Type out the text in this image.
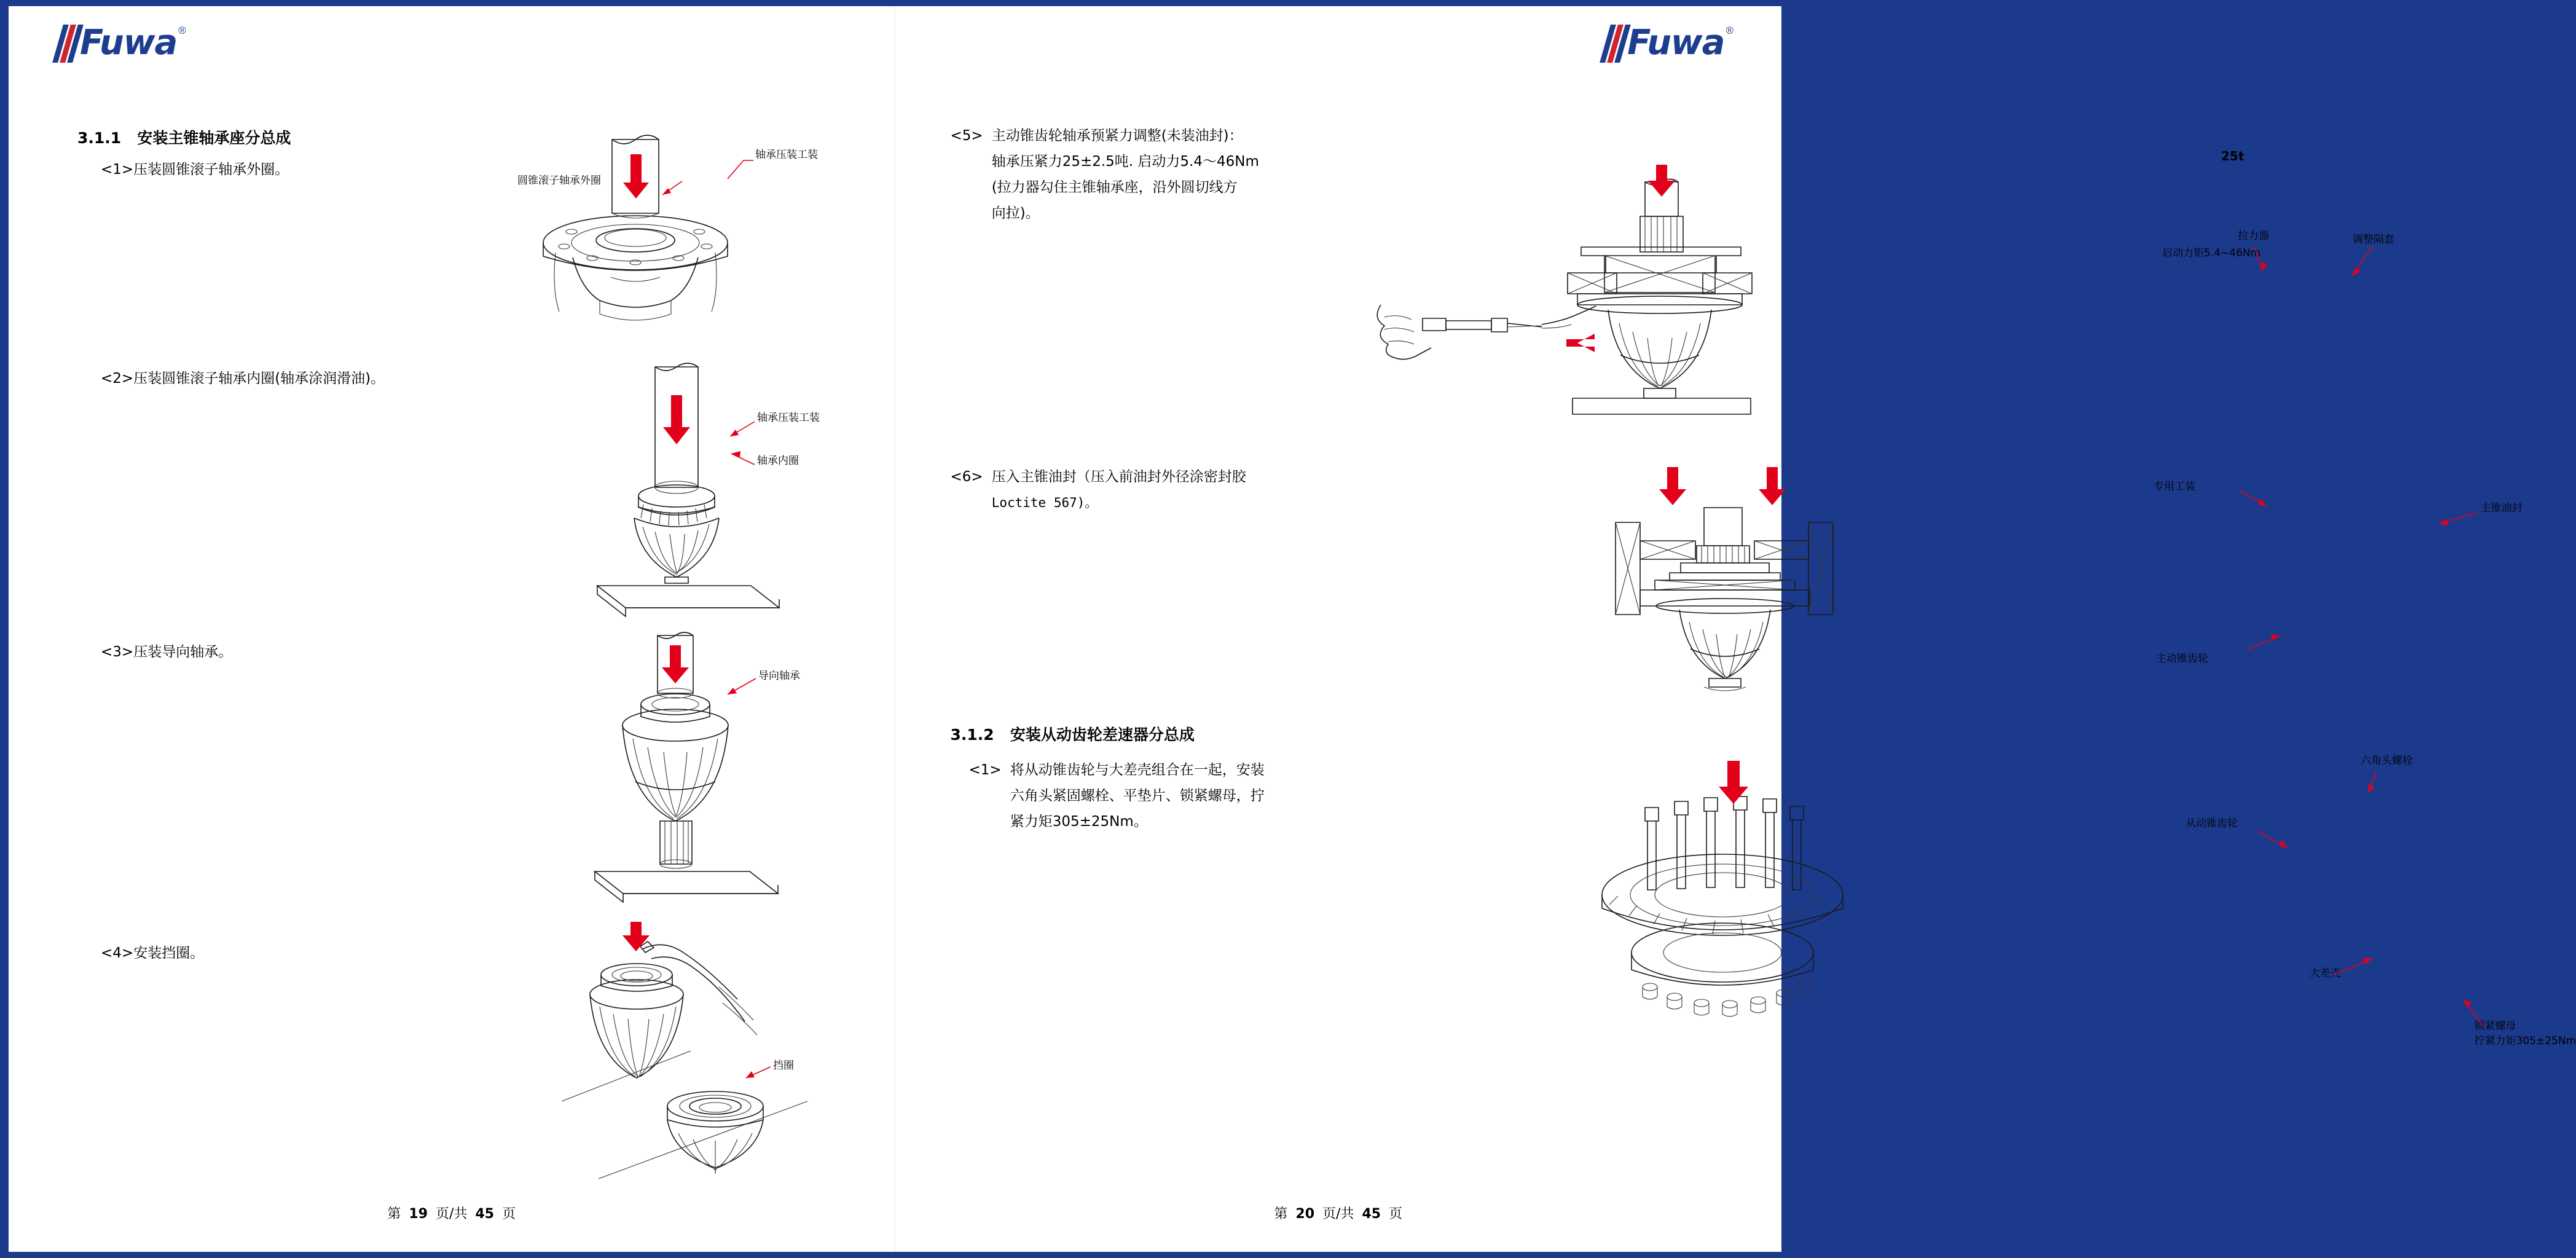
Fuwa ®
3.1.1 安装主锥轴承座分总成
<1>压装圆锥滚子轴承外圈。
轴承压装工装
圆锥滚子轴承外圈
<2>压装圆锥滚子轴承内圈(轴承涂润滑油)。
轴承压装工装
轴承内圈
<3>压装导向轴承。
导向轴承
<4>安装挡圈。
挡圈
第 19 页/共 45 页
Fuwa ®
<5> 主动锥齿轮轴承预紧力调整(未装油封)：
轴承压紧力25±2.5吨. 启动力5.4～46Nm
(拉力器勾住主锥轴承座，沿外圆切线方
向拉)。
25t
拉力器
启动力矩5.4~46Nm
调整隔套
<6> 压入主锥油封（压入前油封外径涂密封胶
Loctite 567)。
专用工装
主锥油封
主动锥齿轮
3.1.2 安装从动齿轮差速器分总成
<1> 将从动锥齿轮与大差壳组合在一起，安装
六角头紧固螺栓、平垫片、锁紧螺母，拧
紧力矩305±25Nm。
六角头螺栓
从动锥齿轮
大差壳
锁紧螺母
拧紧力矩305±25Nm
第 20 页/共 45 页
